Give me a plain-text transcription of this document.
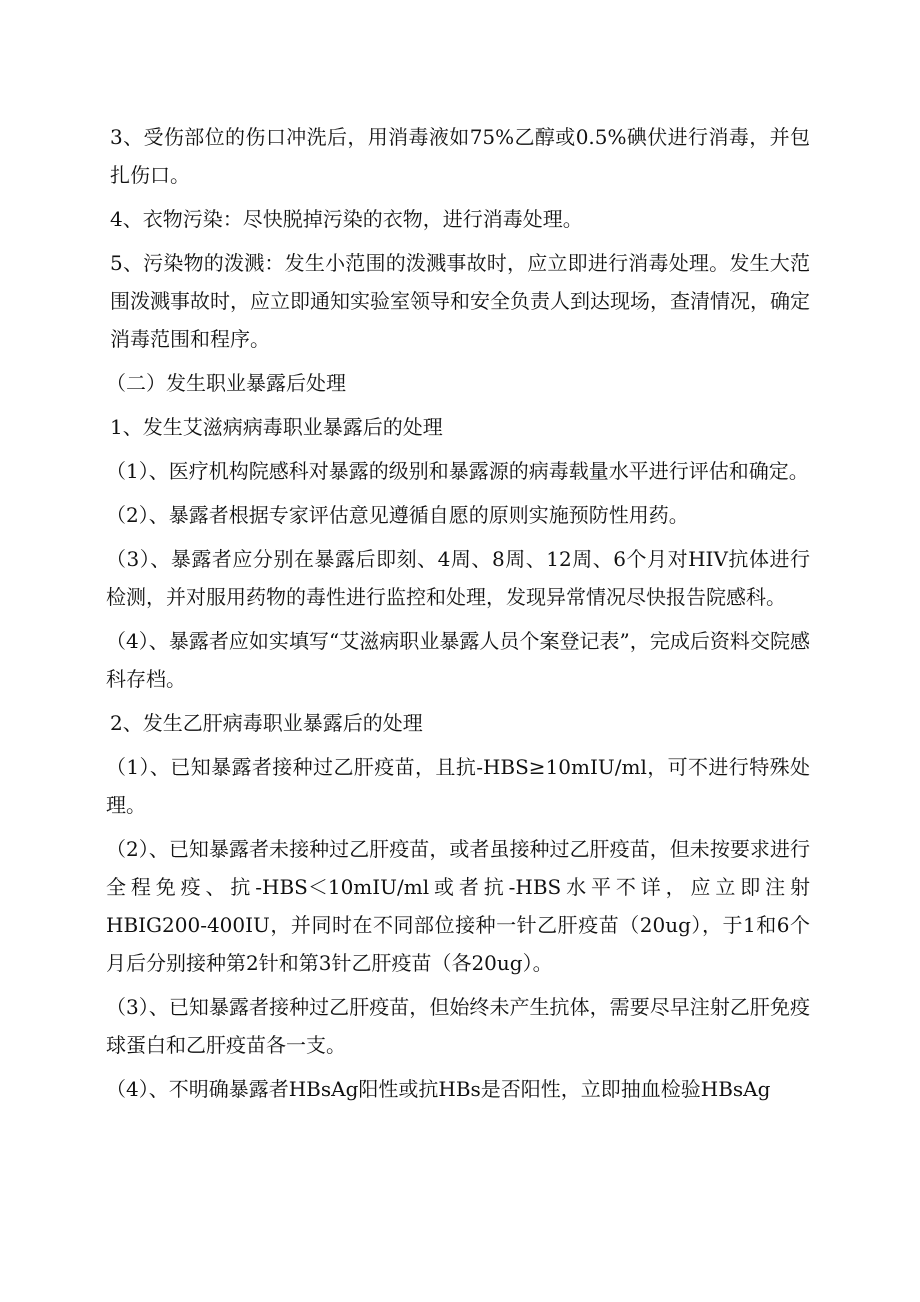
3、受伤部位的伤口冲洗后，用消毒液如75%乙醇或0.5%碘伏进行消毒，并包扎伤口。

4、衣物污染：尽快脱掉污染的衣物，进行消毒处理。

5、污染物的泼溅：发生小范围的泼溅事故时，应立即进行消毒处理。发生大范围泼溅事故时，应立即通知实验室领导和安全负责人到达现场，查清情况，确定消毒范围和程序。

（二）发生职业暴露后处理

1、发生艾滋病病毒职业暴露后的处理

（1）、医疗机构院感科对暴露的级别和暴露源的病毒载量水平进行评估和确定。

（2）、暴露者根据专家评估意见遵循自愿的原则实施预防性用药。

（3）、暴露者应分别在暴露后即刻、4周、8周、12周、6个月对HIV抗体进行检测，并对服用药物的毒性进行监控和处理，发现异常情况尽快报告院感科。

（4）、暴露者应如实填写“艾滋病职业暴露人员个案登记表”，完成后资料交院感科存档。

2、发生乙肝病毒职业暴露后的处理

（1）、已知暴露者接种过乙肝疫苗，且抗-HBS≥10mIU/ml，可不进行特殊处理。

（2）、已知暴露者未接种过乙肝疫苗，或者虽接种过乙肝疫苗，但未按要求进行全程免疫、抗-HBS＜10mIU/ml或者抗-HBS水平不详，应立即注射HBIG200-400IU，并同时在不同部位接种一针乙肝疫苗（20ug），于1和6个月后分别接种第2针和第3针乙肝疫苗（各20ug）。

（3）、已知暴露者接种过乙肝疫苗，但始终未产生抗体，需要尽早注射乙肝免疫球蛋白和乙肝疫苗各一支。

（4）、不明确暴露者HBsAg阳性或抗HBs是否阳性，立即抽血检验HBsAg
